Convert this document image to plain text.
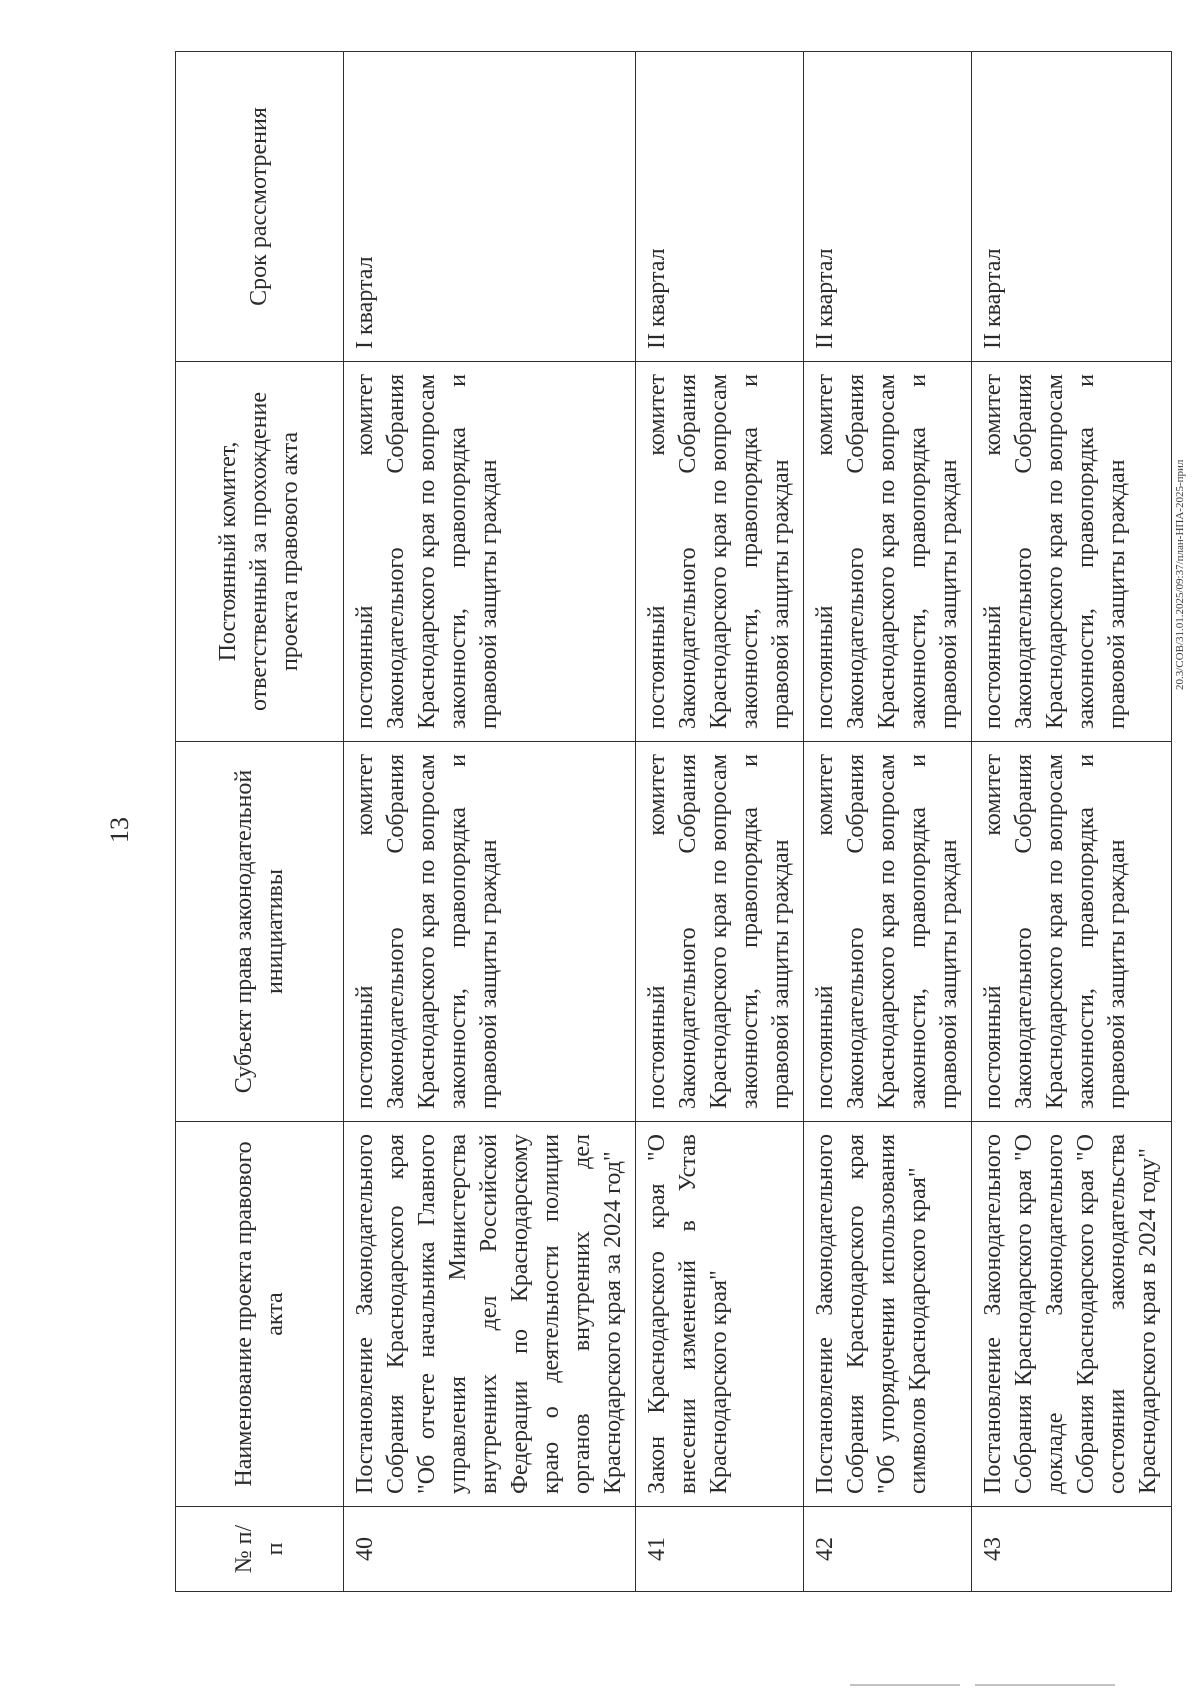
13
20.3/СОВ/31.01.2025/09:37/план-НПА-2025-прил
№ п/п	Наименование проекта правового акта	Субъект права законодательной инициативы	Постоянный комитет, ответственный за прохождение проекта правового акта	Срок рассмотрения
40	Постановление Законодательного Собрания Краснодарского края "Об отчете начальника Главного управления Министерства внутренних дел Российской Федерации по Краснодарскому краю о деятельности полиции органов внутренних дел Краснодарского края за 2024 год"	постоянный комитет Законодательного Собрания Краснодарского края по вопросам законности, правопорядка и правовой защиты граждан	постоянный комитет Законодательного Собрания Краснодарского края по вопросам законности, правопорядка и правовой защиты граждан	I квартал
41	Закон Краснодарского края "О внесении изменений в Устав Краснодарского края"	постоянный комитет Законодательного Собрания Краснодарского края по вопросам законности, правопорядка и правовой защиты граждан	постоянный комитет Законодательного Собрания Краснодарского края по вопросам законности, правопорядка и правовой защиты граждан	II квартал
42	Постановление Законодательного Собрания Краснодарского края "Об упорядочении использования символов Краснодарского края"	постоянный комитет Законодательного Собрания Краснодарского края по вопросам законности, правопорядка и правовой защиты граждан	постоянный комитет Законодательного Собрания Краснодарского края по вопросам законности, правопорядка и правовой защиты граждан	II квартал
43	Постановление Законодательного Собрания Краснодарского края "О докладе Законодательного Собрания Краснодарского края "О состоянии законодательства Краснодарского края в 2024 году"	постоянный комитет Законодательного Собрания Краснодарского края по вопросам законности, правопорядка и правовой защиты граждан	постоянный комитет Законодательного Собрания Краснодарского края по вопросам законности, правопорядка и правовой защиты граждан	II квартал
